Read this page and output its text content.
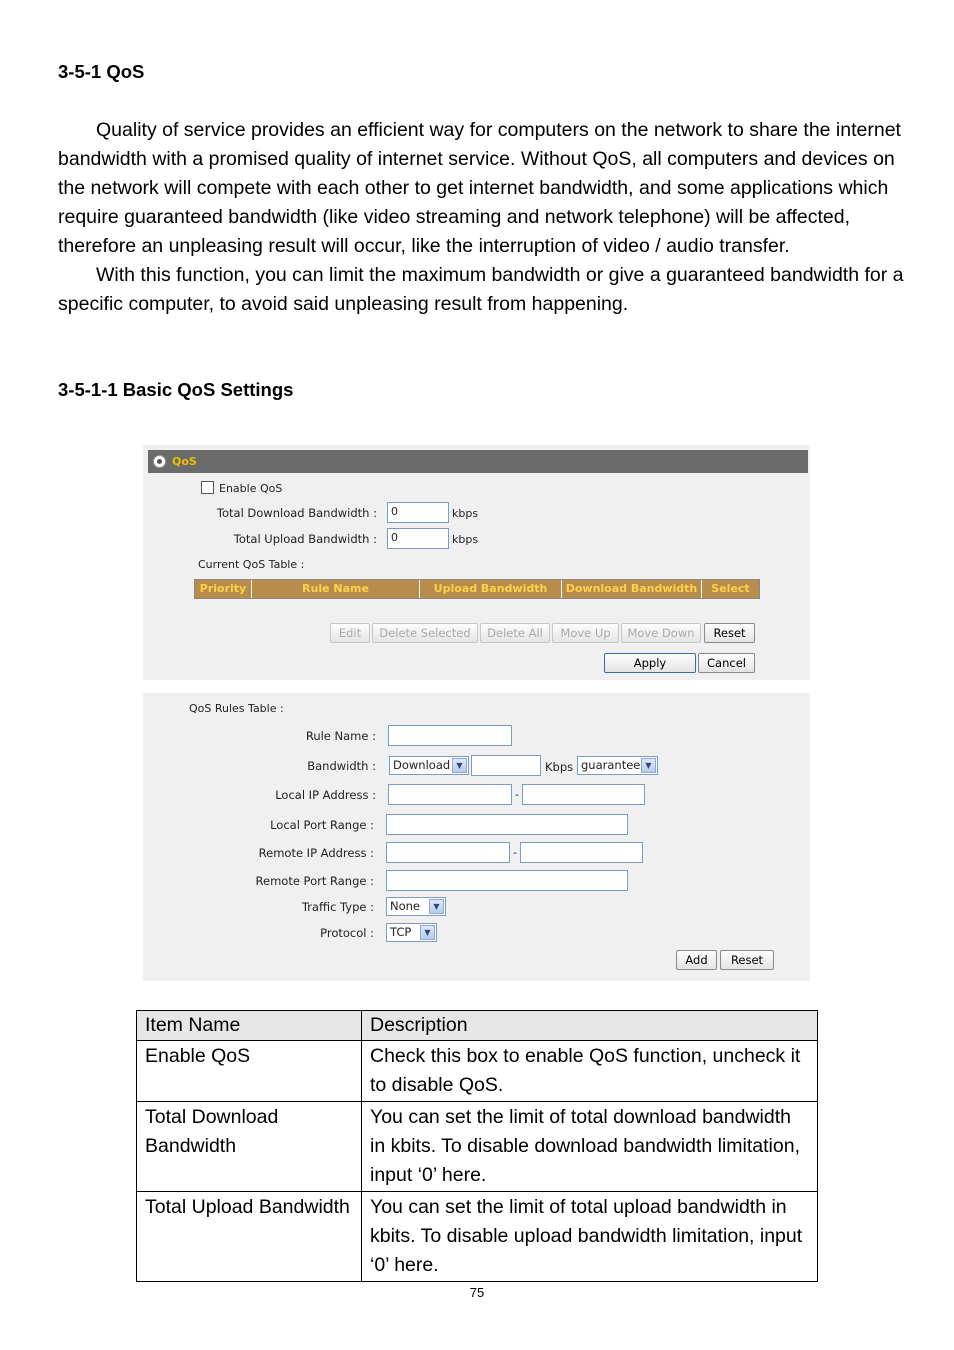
3-5-1 QoS

Quality of service provides an efficient way for computers on the network to share the internet bandwidth with a promised quality of internet service. Without QoS, all computers and devices on the network will compete with each other to get internet bandwidth, and some applications which require guaranteed bandwidth (like video streaming and network telephone) will be affected, therefore an unpleasing result will occur, like the interruption of video / audio transfer.

With this function, you can limit the maximum bandwidth or give a guaranteed bandwidth for a specific computer, to avoid said unpleasing result from happening.

3-5-1-1 Basic QoS Settings
QoS
Enable QoS
Total Download Bandwidth :	0	kbps
Total Upload Bandwidth :	0	kbps
Current QoS Table :
Priority	Rule Name	Upload Bandwidth	Download Bandwidth	Select
Edit	Delete Selected	Delete All	Move Up	Move Down	Reset
Apply	Cancel
QoS Rules Table :
Rule Name :
Bandwidth :	Download ▼	Kbps guarantee ▼
Local IP Address :	-
Local Port Range :
Remote IP Address :	-
Remote Port Range :
Traffic Type :	None	▼
Protocol :	TCP	▼
Add	Reset
Item Name	Description
Enable QoS	Check this box to enable QoS function, uncheck it to disable QoS.
Total Download Bandwidth	You can set the limit of total download bandwidth in kbits. To disable download bandwidth limitation, input ‘0’ here.
Total Upload Bandwidth	You can set the limit of total upload bandwidth in kbits. To disable upload bandwidth limitation, input ‘0’ here.
75
